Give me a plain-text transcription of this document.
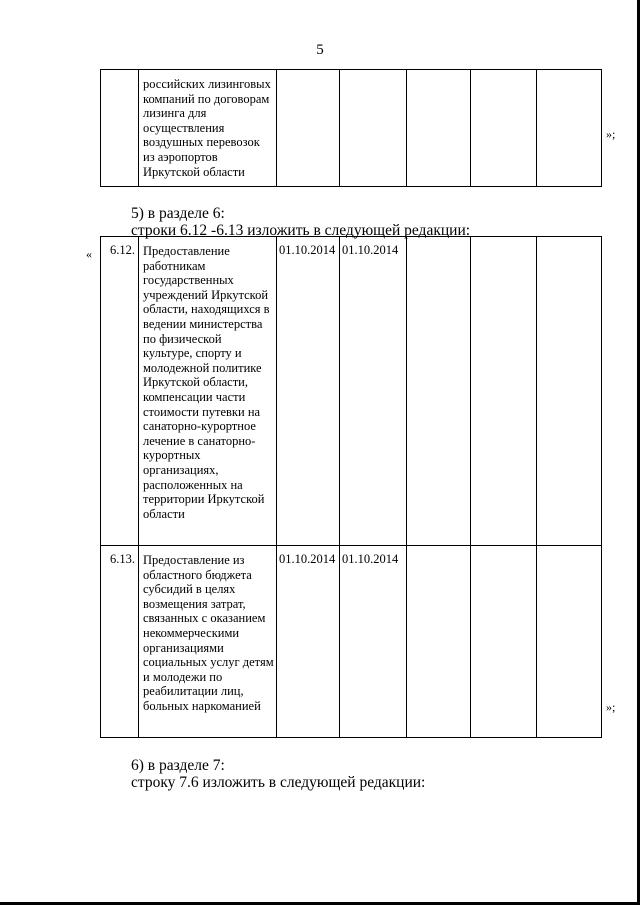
5
	российских лизинговых компаний по договорам лизинга для осуществления воздушных перевозок из аэропортов Иркутской области					
»;
5) в разделе 6:
строки 6.12 -6.13 изложить в следующей редакции:
« 6.12.	Предоставление работникам государственных учреждений Иркутской области, находящихся в ведении министерства по физической культуре, спорту и молодежной политике Иркутской области, компенсации части стоимости путевки на санаторно-курортное лечение в санаторно-курортных организациях, расположенных на территории Иркутской области	01.10.2014	01.10.2014			
6.13.	Предоставление из областного бюджета субсидий в целях возмещения затрат, связанных с оказанием некоммерческими организациями социальных услуг детям и молодежи по реабилитации лиц, больных наркоманией	01.10.2014	01.10.2014			
»;
6) в разделе 7:
строку 7.6 изложить в следующей редакции:
